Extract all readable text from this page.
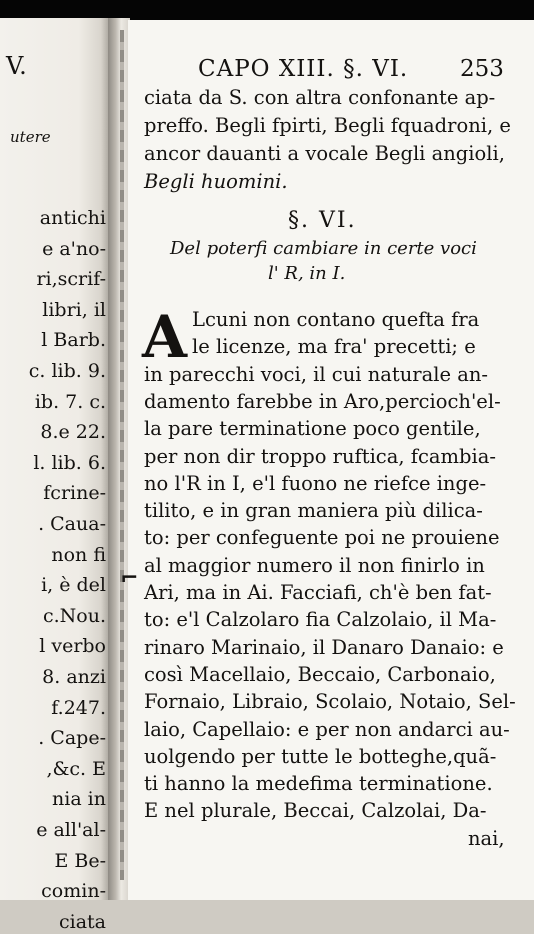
V.
utere
antichi
e a'no-
ri,scrif-
libri, il
l Barb.
c. lib. 9.
ib. 7. c.
8.e 22.
l. lib. 6.
fcrine-
. Caua-
non fi
i, è del
c.Nou.
l verbo
8. anzi
f.247.
. Cape-
,&c. E
nia in
e all'al-
E Be-
comin-
ciata
CAPO XIII. §. VI. 253
ciata da S. con altra confonante ap-
preffo. Begli fpirti, Begli fquadroni, e
ancor dauanti a vocale Begli angioli,
Begli huomini.
§. VI.
Del poterfi cambiare in certe voci
l' R, in I.
A Lcuni non contano quefta fra
le licenze, ma fra' precetti; e
in parecchi voci, il cui naturale an-
damento farebbe in Aro,percioch'el-
la pare terminatione poco gentile,
per non dir troppo ruftica, fcambia-
no l'R in I, e'l fuono ne riefce inge-
tilito, e in gran maniera più dilica-
to: per confeguente poi ne prouiene
al maggior numero il non finirlo in
Ari, ma in Ai. Facciafi, ch'è ben fat-
to: e'l Calzolaro fia Calzolaio, il Ma-
rinaro Marinaio, il Danaro Danaio: e
così Macellaio, Beccaio, Carbonaio,
Fornaio, Libraio, Scolaio, Notaio, Sel-
laio, Capellaio: e per non andarci au-
uolgendo per tutte le botteghe,quã-
ti hanno la medefima terminatione.
E nel plurale, Beccai, Calzolai, Da-
nai,
⌐
